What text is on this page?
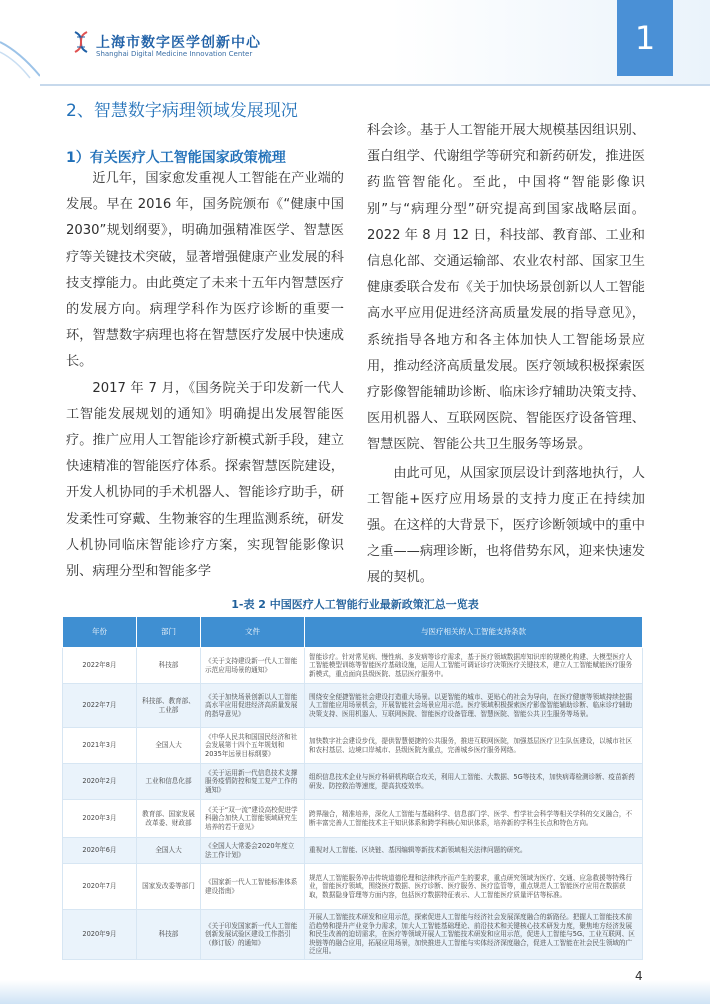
上海市数字医学创新中心
Shanghai Digital Medicine Innovation Center	1
2、智慧数字病理领域发展现况
1）有关医疗人工智能国家政策梳理

近几年，国家愈发重视人工智能在产业端的发展。早在 2016 年，国务院颁布《“健康中国 2030”规划纲要》，明确加强精准医学、智慧医疗等关键技术突破，显著增强健康产业发展的科技支撑能力。由此奠定了未来十五年内智慧医疗的发展方向。病理学科作为医疗诊断的重要一环，智慧数字病理也将在智慧医疗发展中快速成长。

2017 年 7 月，《国务院关于印发新一代人工智能发展规划的通知》明确提出发展智能医疗。推广应用人工智能诊疗新模式新手段，建立快速精准的智能医疗体系。探索智慧医院建设，开发人机协同的手术机器人、智能诊疗助手，研发柔性可穿戴、生物兼容的生理监测系统，研发人机协同临床智能诊疗方案，实现智能影像识别、病理分型和智能多学

科会诊。基于人工智能开展大规模基因组识别、蛋白组学、代谢组学等研究和新药研发，推进医药监管智能化。至此，中国将“智能影像识别”与“病理分型”研究提高到国家战略层面。2022 年 8 月 12 日，科技部、教育部、工业和信息化部、交通运输部、农业农村部、国家卫生健康委联合发布《关于加快场景创新以人工智能高水平应用促进经济高质量发展的指导意见》，系统指导各地方和各主体加快人工智能场景应用，推动经济高质量发展。医疗领域积极探索医疗影像智能辅助诊断、临床诊疗辅助决策支持、医用机器人、互联网医院、智能医疗设备管理、智慧医院、智能公共卫生服务等场景。

由此可见，从国家顶层设计到落地执行，人工智能+医疗应用场景的支持力度正在持续加强。在这样的大背景下，医疗诊断领域中的重中之重——病理诊断，也将借势东风，迎来快速发展的契机。

1-表 2 中国医疗人工智能行业最新政策汇总一览表
年份	部门	文件	与医疗相关的人工智能支持条款
2022年8月	科技部	《关于支持建设新一代人工智能示范应用场景的通知》	智能诊疗。针对常见病、慢性病、多发病等诊疗需求，基于医疗领域数据库知识库的规模化构建、大模型医疗人工智能模型训练等智能医疗基础设施，运用人工智能可调证诊疗决策医疗关键技术，建立人工智能赋能医疗服务新模式，重点面向县级医院、基层医疗服务中。
2022年7月	科技部、教育部、工业部	《关于加快场景创新以人工智能高水平应用促进经济高质量发展的指导意见》	围绕安全便捷智能社会建设打造重大场景。以更智能的城市、更贴心的社会为导向，在医疗健康等领域持续挖掘人工智能应用场景机会，开展智能社会场景应用示范。医疗领域积极探索医疗影像智能辅助诊断、临床诊疗辅助决策支持、医用机器人、互联网医院、智能医疗设备管理、智慧医院、智能公共卫生服务等场景。
2021年3月	全国人大	《中华人民共和国国民经济和社会发展第十四个五年规划和2035年远景目标纲要》	加快数字社会建设步伐，提供智慧便捷的公共服务，推进互联网医院，加强基层医疗卫生队伍建设，以城市社区和农村基层、边境口岸城市、县级医院为重点，完善城乡医疗服务网络。
2020年2月	工业和信息化部	《关于运用新一代信息技术支撑服务疫情防控和复工复产工作的通知》	组织信息技术企业与医疗科研机构联合攻关，利用人工智能、大数据、5G等技术，加快病毒检测诊断、疫苗新药研发、防控救治等速度，提高抗疫效率。
2020年3月	教育部、国家发展改革委、财政部	《关于“双一流”建设高校促进学科融合加快人工智能领域研究生培养的若干意见》	跨界融合，精准培养，深化人工智能与基础科学、信息部门学、医学、哲学社会科学等相关学科的交叉融合，不断丰富完善人工智能技术主干知识体系和跨学科核心知识体系，培养新的学科生长点和特色方向。
2020年6月	全国人大	《全国人大常委会2020年度立法工作计划》	重视对人工智能、区块链、基因编辑等新技术新领域相关法律问题的研究。
2020年7月	国家发改委等部门	《国家新一代人工智能标准体系建设指南》	规范人工智能服务冲击传统道德伦理和法律秩序而产生的要求，重点研究领域为医疗、交通、应急救援等特殊行业，智能医疗领域，围绕医疗数据、医疗诊断、医疗服务、医疗监管等，重点规范人工智能医疗应用在数据获取，数据隐身管理等方面内容，包括医疗数据特征表示、人工智能医疗质量评估等标准。
2020年9月	科技部	《关于印发国家新一代人工智能创新发展试验区建设工作指引（修订版）的通知》	开展人工智能技术研发和应用示范，探索促进人工智能与经济社会发展深度融合的新路径。把握人工智能技术前沿趋势和提升产业竞争力需求，加大人工智能基础理论、前沿技术和关键核心技术研发力度，聚焦地方经济发展和民生改善的迫切需求，在医疗等领域开展人工智能技术研发和应用示范，促进人工智能与5G、工业互联网、区块链等的融合应用，拓展应用场景，加快推进人工智能与实体经济深度融合，促进人工智能在社会民生领域的广泛应用。
4
